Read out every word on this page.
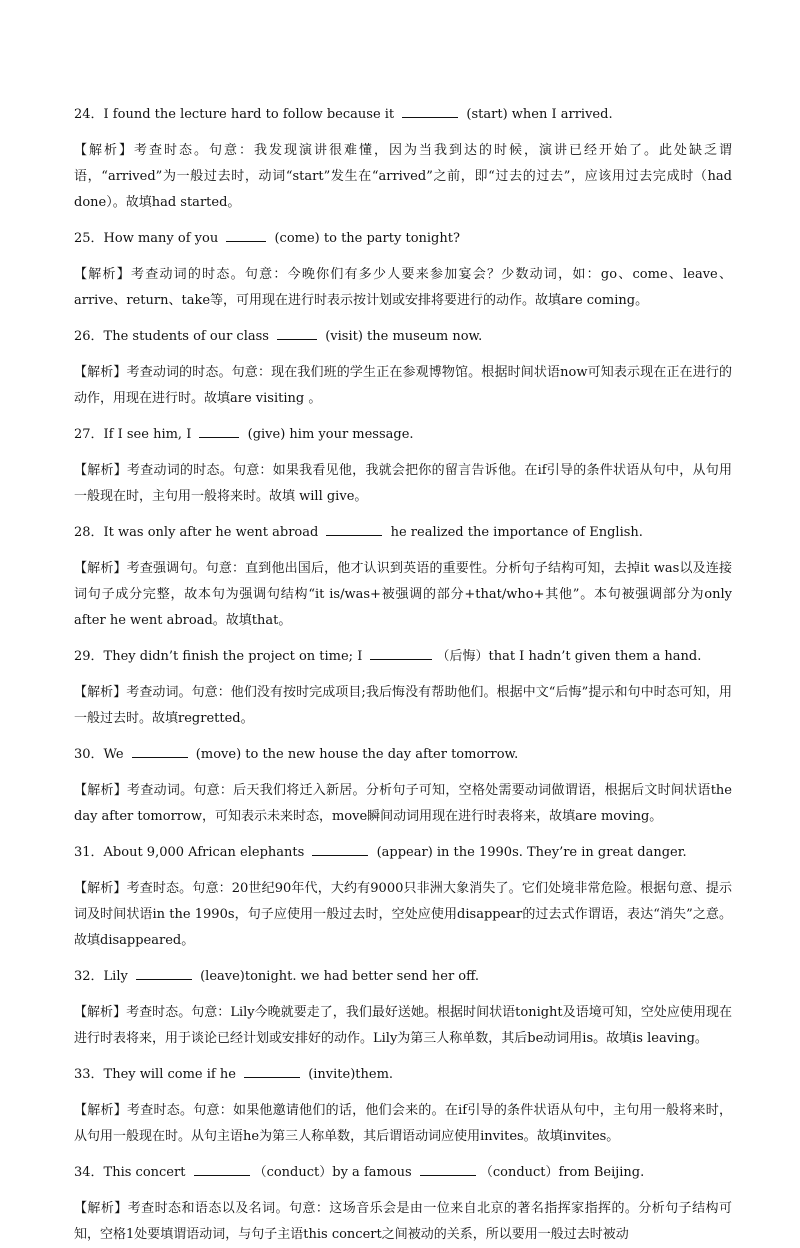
24．I found the lecture hard to follow because it	(start) when I arrived.

【解析】考查时态。句意：我发现演讲很难懂，因为当我到达的时候，演讲已经开始了。此处缺乏谓语，“arrived”为一般过去时，动词“start”发生在“arrived”之前，即“过去的过去”，应该用过去完成时（had done）。故填had started。

25．How many of you	(come) to the party tonight?

【解析】考查动词的时态。句意：今晚你们有多少人要来参加宴会？少数动词，如：go、come、leave、arrive、return、take等，可用现在进行时表示按计划或安排将要进行的动作。故填are coming。

26．The students of our class	(visit) the museum now.

【解析】考查动词的时态。句意：现在我们班的学生正在参观博物馆。根据时间状语now可知表示现在正在进行的动作，用现在进行时。故填are visiting 。

27．If I see him, I	(give) him your message.

【解析】考查动词的时态。句意：如果我看见他，我就会把你的留言告诉他。在if引导的条件状语从句中，从句用一般现在时，主句用一般将来时。故填 will give。

28．It was only after he went abroad	he realized the importance of English.

【解析】考查强调句。句意：直到他出国后，他才认识到英语的重要性。分析句子结构可知，去掉it was以及连接词句子成分完整，故本句为强调句结构“it is/was+被强调的部分+that/who+其他”。本句被强调部分为only after he went abroad。故填that。

29．They didn’t finish the project on time; I	（后悔）that I hadn’t given them a hand.

【解析】考查动词。句意：他们没有按时完成项目;我后悔没有帮助他们。根据中文“后悔”提示和句中时态可知，用一般过去时。故填regretted。

30．We	(move) to the new house the day after tomorrow.

【解析】考查动词。句意：后天我们将迁入新居。分析句子可知，空格处需要动词做谓语，根据后文时间状语the day after tomorrow，可知表示未来时态，move瞬间动词用现在进行时表将来，故填are moving。

31．About 9,000 African elephants	(appear) in the 1990s. They’re in great danger.

【解析】考查时态。句意：20世纪90年代，大约有9000只非洲大象消失了。它们处境非常危险。根据句意、提示词及时间状语in the 1990s，句子应使用一般过去时，空处应使用disappear的过去式作谓语，表达“消失”之意。故填disappeared。

32．Lily	(leave)tonight. we had better send her off.

【解析】考查时态。句意：Lily今晚就要走了，我们最好送她。根据时间状语tonight及语境可知，空处应使用现在进行时表将来，用于谈论已经计划或安排好的动作。Lily为第三人称单数，其后be动词用is。故填is leaving。

33．They will come if he	(invite)them.

【解析】考查时态。句意：如果他邀请他们的话，他们会来的。在if引导的条件状语从句中，主句用一般将来时，从句用一般现在时。从句主语he为第三人称单数，其后谓语动词应使用invites。故填invites。

34．This concert	（conduct）by a famous	（conduct）from Beijing.

【解析】考查时态和语态以及名词。句意：这场音乐会是由一位来自北京的著名指挥家指挥的。分析句子结构可知，空格1处要填谓语动词，与句子主语this concert之间被动的关系，所以要用一般过去时被动
